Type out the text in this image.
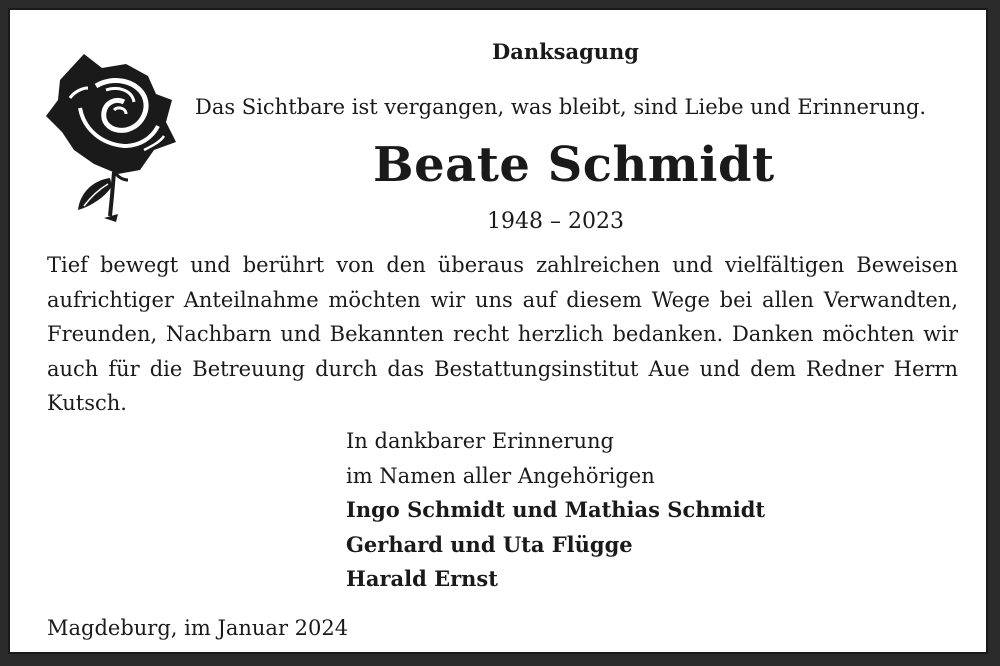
Danksagung
Das Sichtbare ist vergangen, was bleibt, sind Liebe und Erinnerung.
Beate Schmidt
1948 – 2023
Tief bewegt und berührt von den überaus zahlreichen und vielfältigen Beweisen aufrichtiger Anteilnahme möchten wir uns auf diesem Wege bei allen Verwandten, Freunden, Nachbarn und Bekannten recht herzlich bedanken. Danken möchten wir auch für die Betreuung durch das Bestattungsinstitut Aue und dem Redner Herrn Kutsch.
In dankbarer Erinnerung
im Namen aller Angehörigen
Ingo Schmidt und Mathias Schmidt
Gerhard und Uta Flügge
Harald Ernst
Magdeburg, im Januar 2024
